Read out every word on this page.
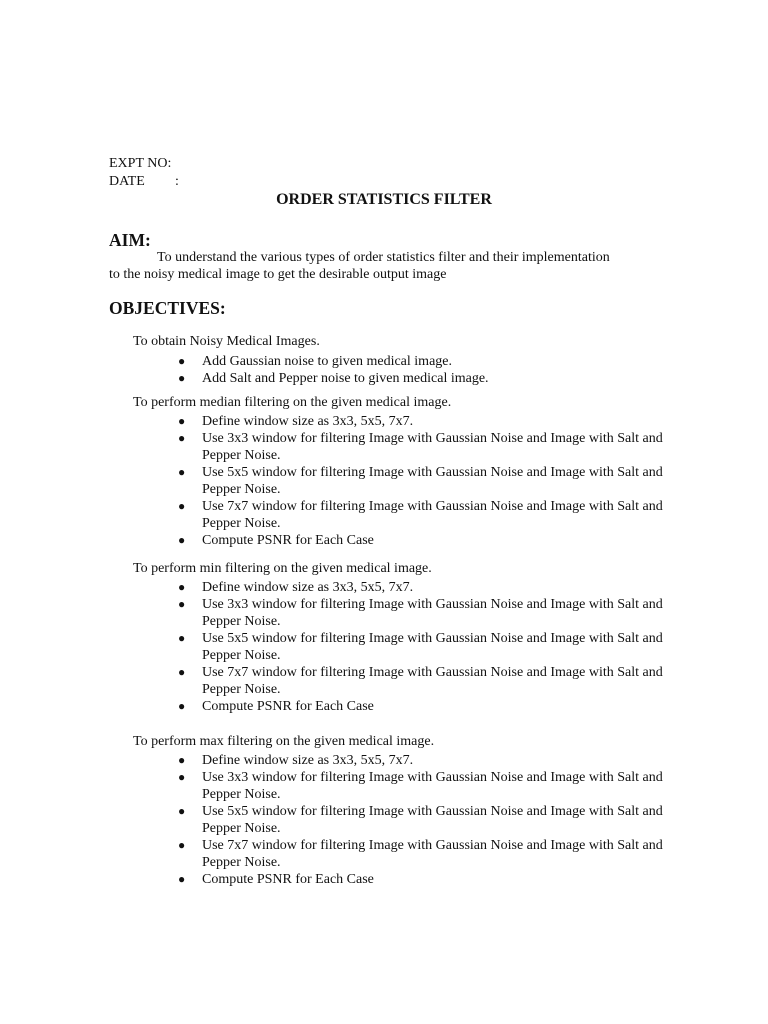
EXPT NO:
DATE :
ORDER STATISTICS FILTER
AIM:
To understand the various types of order statistics filter and their implementation
to the noisy medical image to get the desirable output image
OBJECTIVES:
To obtain Noisy Medical Images.
● Add Gaussian noise to given medical image.
● Add Salt and Pepper noise to given medical image.
To perform median filtering on the given medical image.
● Define window size as 3x3, 5x5, 7x7.
● Use 3x3 window for filtering Image with Gaussian Noise and Image with Salt and Pepper Noise.
● Use 5x5 window for filtering Image with Gaussian Noise and Image with Salt and Pepper Noise.
● Use 7x7 window for filtering Image with Gaussian Noise and Image with Salt and Pepper Noise.
● Compute PSNR for Each Case
To perform min filtering on the given medical image.
● Define window size as 3x3, 5x5, 7x7.
● Use 3x3 window for filtering Image with Gaussian Noise and Image with Salt and Pepper Noise.
● Use 5x5 window for filtering Image with Gaussian Noise and Image with Salt and Pepper Noise.
● Use 7x7 window for filtering Image with Gaussian Noise and Image with Salt and Pepper Noise.
● Compute PSNR for Each Case
To perform max filtering on the given medical image.
● Define window size as 3x3, 5x5, 7x7.
● Use 3x3 window for filtering Image with Gaussian Noise and Image with Salt and Pepper Noise.
● Use 5x5 window for filtering Image with Gaussian Noise and Image with Salt and Pepper Noise.
● Use 7x7 window for filtering Image with Gaussian Noise and Image with Salt and Pepper Noise.
● Compute PSNR for Each Case
